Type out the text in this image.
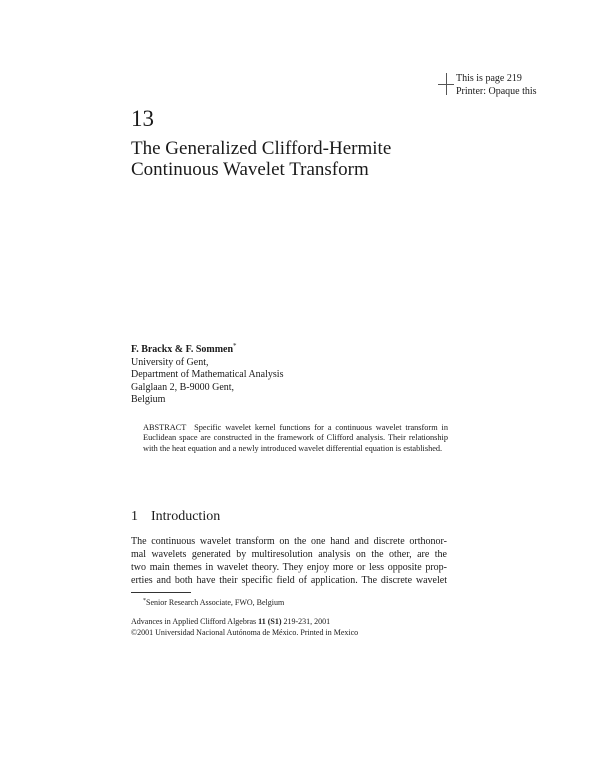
This is page 219
Printer: Opaque this
13
The Generalized Clifford-Hermite
Continuous Wavelet Transform
F. Brackx & F. Sommen*
University of Gent,
Department of Mathematical Analysis
Galglaan 2, B-9000 Gent,
Belgium
ABSTRACT Specific wavelet kernel functions for a continuous wavelet transform in Euclidean space are constructed in the framework of Clifford analysis. Their relationship with the heat equation and a newly introduced wavelet differential equation is established.
1 Introduction
The continuous wavelet transform on the one hand and discrete orthonor-
mal wavelets generated by multiresolution analysis on the other, are the
two main themes in wavelet theory. They enjoy more or less opposite prop-
erties and both have their specific field of application. The discrete wavelet
*Senior Research Associate, FWO, Belgium
Advances in Applied Clifford Algebras 11 (S1) 219-231, 2001
©2001 Universidad Nacional Autónoma de México. Printed in Mexico
